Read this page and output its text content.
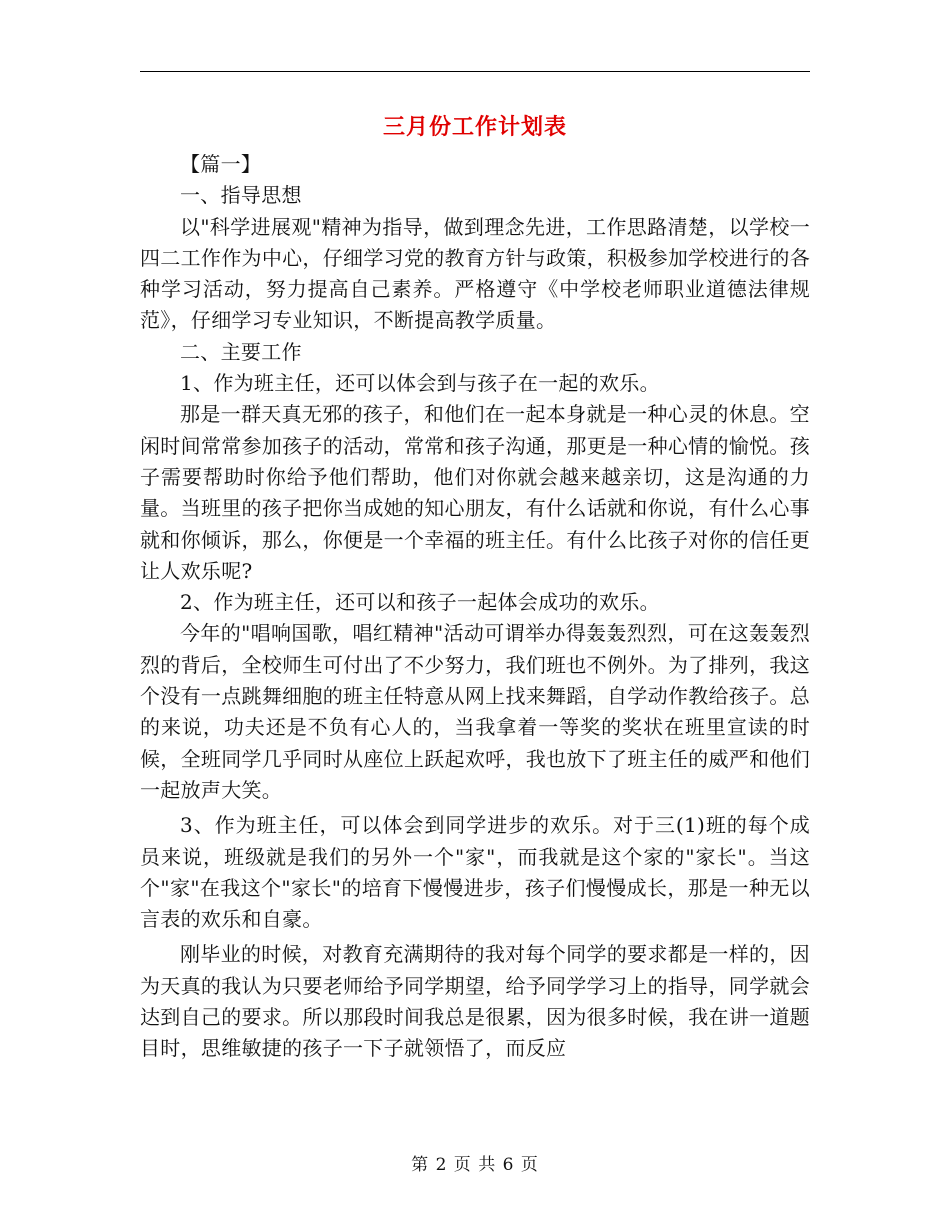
三月份工作计划表

【篇一】

一、指导思想

以"科学进展观"精神为指导，做到理念先进，工作思路清楚，以学校一四二工作作为中心，仔细学习党的教育方针与政策，积极参加学校进行的各种学习活动，努力提高自己素养。严格遵守《中学校老师职业道德法律规范》，仔细学习专业知识，不断提高教学质量。

二、主要工作

1、作为班主任，还可以体会到与孩子在一起的欢乐。

那是一群天真无邪的孩子，和他们在一起本身就是一种心灵的休息。空闲时间常常参加孩子的活动，常常和孩子沟通，那更是一种心情的愉悦。孩子需要帮助时你给予他们帮助，他们对你就会越来越亲切，这是沟通的力量。当班里的孩子把你当成她的知心朋友，有什么话就和你说，有什么心事就和你倾诉，那么，你便是一个幸福的班主任。有什么比孩子对你的信任更让人欢乐呢?

2、作为班主任，还可以和孩子一起体会成功的欢乐。

今年的"唱响国歌，唱红精神"活动可谓举办得轰轰烈烈，可在这轰轰烈烈的背后，全校师生可付出了不少努力，我们班也不例外。为了排列，我这个没有一点跳舞细胞的班主任特意从网上找来舞蹈，自学动作教给孩子。总的来说，功夫还是不负有心人的，当我拿着一等奖的奖状在班里宣读的时候，全班同学几乎同时从座位上跃起欢呼，我也放下了班主任的威严和他们一起放声大笑。

3、作为班主任，可以体会到同学进步的欢乐。对于三(1)班的每个成员来说，班级就是我们的另外一个"家"，而我就是这个家的"家长"。当这个"家"在我这个"家长"的培育下慢慢进步，孩子们慢慢成长，那是一种无以言表的欢乐和自豪。

刚毕业的时候，对教育充满期待的我对每个同学的要求都是一样的，因为天真的我认为只要老师给予同学期望，给予同学学习上的指导，同学就会达到自己的要求。所以那段时间我总是很累，因为很多时候，我在讲一道题目时，思维敏捷的孩子一下子就领悟了，而反应

第 2 页 共 6 页
